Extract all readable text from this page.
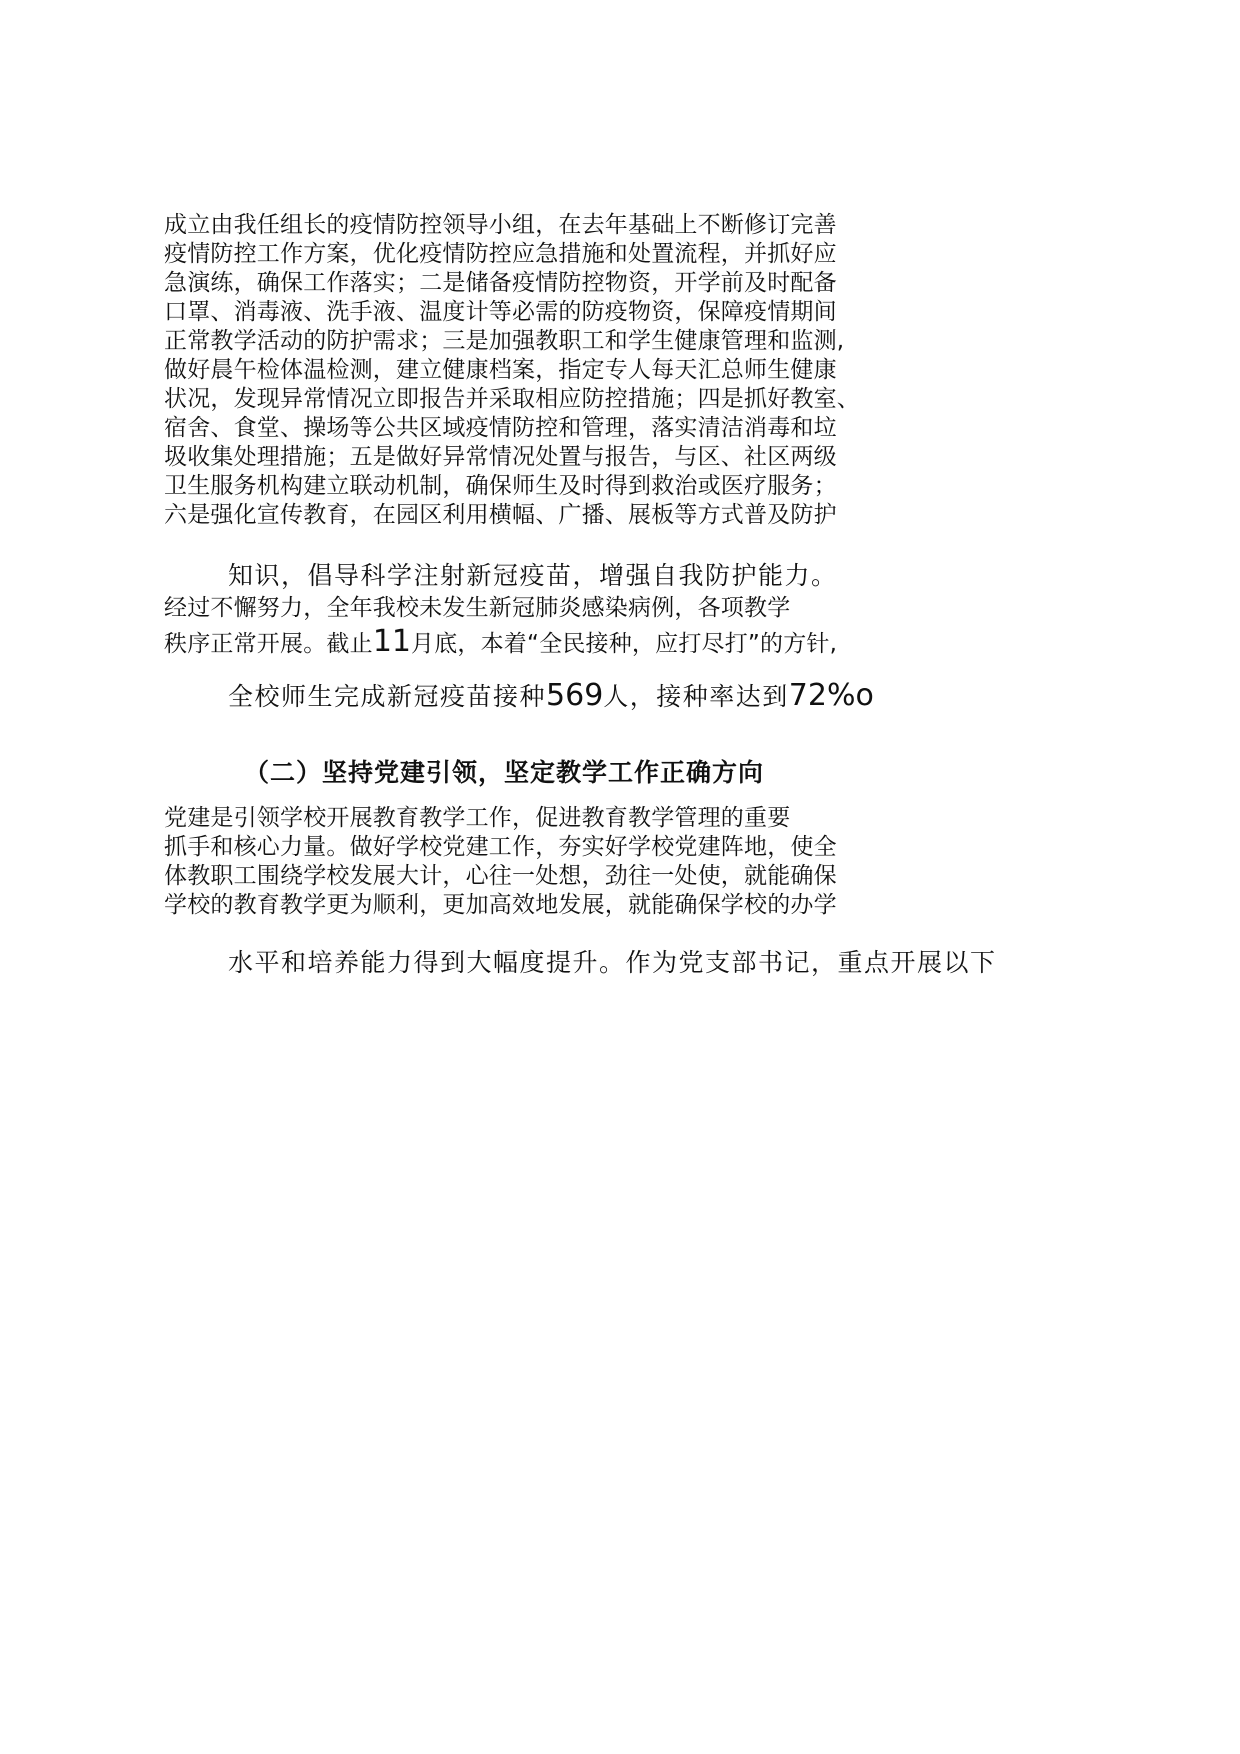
成立由我任组长的疫情防控领导小组，在去年基础上不断修订完善
疫情防控工作方案，优化疫情防控应急措施和处置流程，并抓好应
急演练，确保工作落实；二是储备疫情防控物资，开学前及时配备
口罩、消毒液、洗手液、温度计等必需的防疫物资，保障疫情期间
正常教学活动的防护需求；三是加强教职工和学生健康管理和监测,
做好晨午检体温检测，建立健康档案，指定专人每天汇总师生健康
状况，发现异常情况立即报告并采取相应防控措施；四是抓好教室、
宿舍、食堂、操场等公共区域疫情防控和管理，落实清洁消毒和垃
圾收集处理措施；五是做好异常情况处置与报告，与区、社区两级
卫生服务机构建立联动机制，确保师生及时得到救治或医疗服务；
六是强化宣传教育，在园区利用横幅、广播、展板等方式普及防护
知识，倡导科学注射新冠疫苗，增强自我防护能力。
经过不懈努力，全年我校未发生新冠肺炎感染病例，各项教学
秩序正常开展。截止11月底，本着“全民接种，应打尽打”的方针,
全校师生完成新冠疫苗接种569人，接种率达到72%o
（二）坚持党建引领，坚定教学工作正确方向
党建是引领学校开展教育教学工作，促进教育教学管理的重要
抓手和核心力量。做好学校党建工作，夯实好学校党建阵地，使全
体教职工围绕学校发展大计，心往一处想，劲往一处使，就能确保
学校的教育教学更为顺利，更加高效地发展，就能确保学校的办学
水平和培养能力得到大幅度提升。作为党支部书记，重点开展以下
